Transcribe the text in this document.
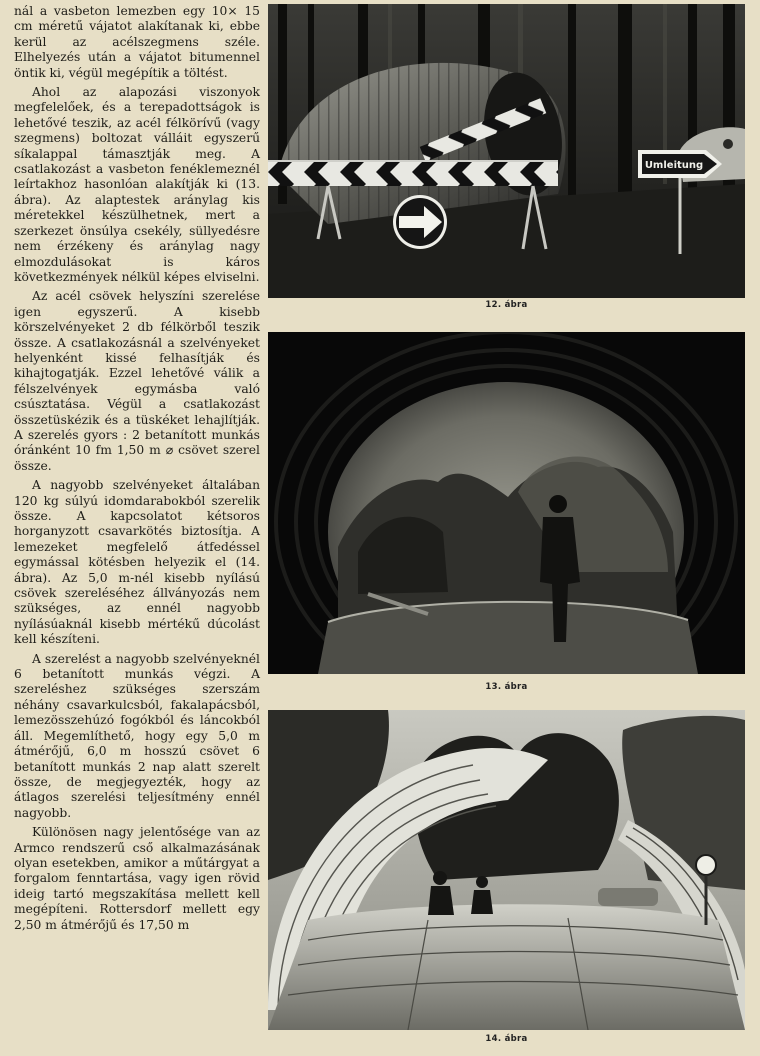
nál a vasbeton lemezben egy 10× 15 cm méretű vájatot alakítanak ki, ebbe kerül az acélszegmens széle. Elhelyezés után a vájatot bitumennel öntik ki, végül megépítik a töltést.

Ahol az alapozási viszonyok megfelelőek, és a terepadottságok is lehetővé teszik, az acél félkörívű (vagy szegmens) boltozat válláit egyszerű síkalappal támasztják meg. A csatlakozást a vasbeton fenéklemeznél leírtakhoz hasonlóan alakítják ki (13. ábra). Az alaptestek aránylag kis méretekkel készülhetnek, mert a szerkezet önsúlya csekély, süllyedésre nem érzékeny és aránylag nagy elmozdulásokat is káros következmények nélkül képes elviselni.

Az acél csövek helyszíni szerelése igen egyszerű. A kisebb körszelvényeket 2 db félkörből teszik össze. A csatlakozásnál a szelvényeket helyenként kissé felhasítják és kihajtogatják. Ezzel lehetővé válik a félszelvények egymásba való csúsztatása. Végül a csatlakozást összetüskézik és a tüskéket lehajlítják. A szerelés gyors : 2 betanított munkás óránként 10 fm 1,50 m ⌀ csövet szerel össze.

A nagyobb szelvényeket általában 120 kg súlyú idomdarabokból szerelik össze. A kapcsolatot kétsoros horganyzott csavarkötés biztosítja. A lemezeket megfelelő átfedéssel egymással kötésben helyezik el (14. ábra). Az 5,0 m-nél kisebb nyílású csövek szereléséhez állványozás nem szükséges, az ennél nagyobb nyílásúaknál kisebb mértékű dúcolást kell készíteni.

A szerelést a nagyobb szelvényeknél 6 betanított munkás végzi. A szereléshez szükséges szerszám néhány csavarkulcsból, fakalapácsból, lemezösszehúzó fogókból és láncokból áll. Megemlíthető, hogy egy 5,0 m átmérőjű, 6,0 m hosszú csövet 6 betanított munkás 2 nap alatt szerelt össze, de megjegyezték, hogy az átlagos szerelési teljesítmény ennél nagyobb.

Különösen nagy jelentősége van az Armco rendszerű cső alkalmazásának olyan esetekben, amikor a műtárgyat a forgalom fenntartása, vagy igen rövid ideig tartó megszakítása mellett kell megépíteni. Rottersdorf mellett egy 2,50 m átmérőjű és 17,50 m

Umleitung
12. ábra
13. ábra
14. ábra
